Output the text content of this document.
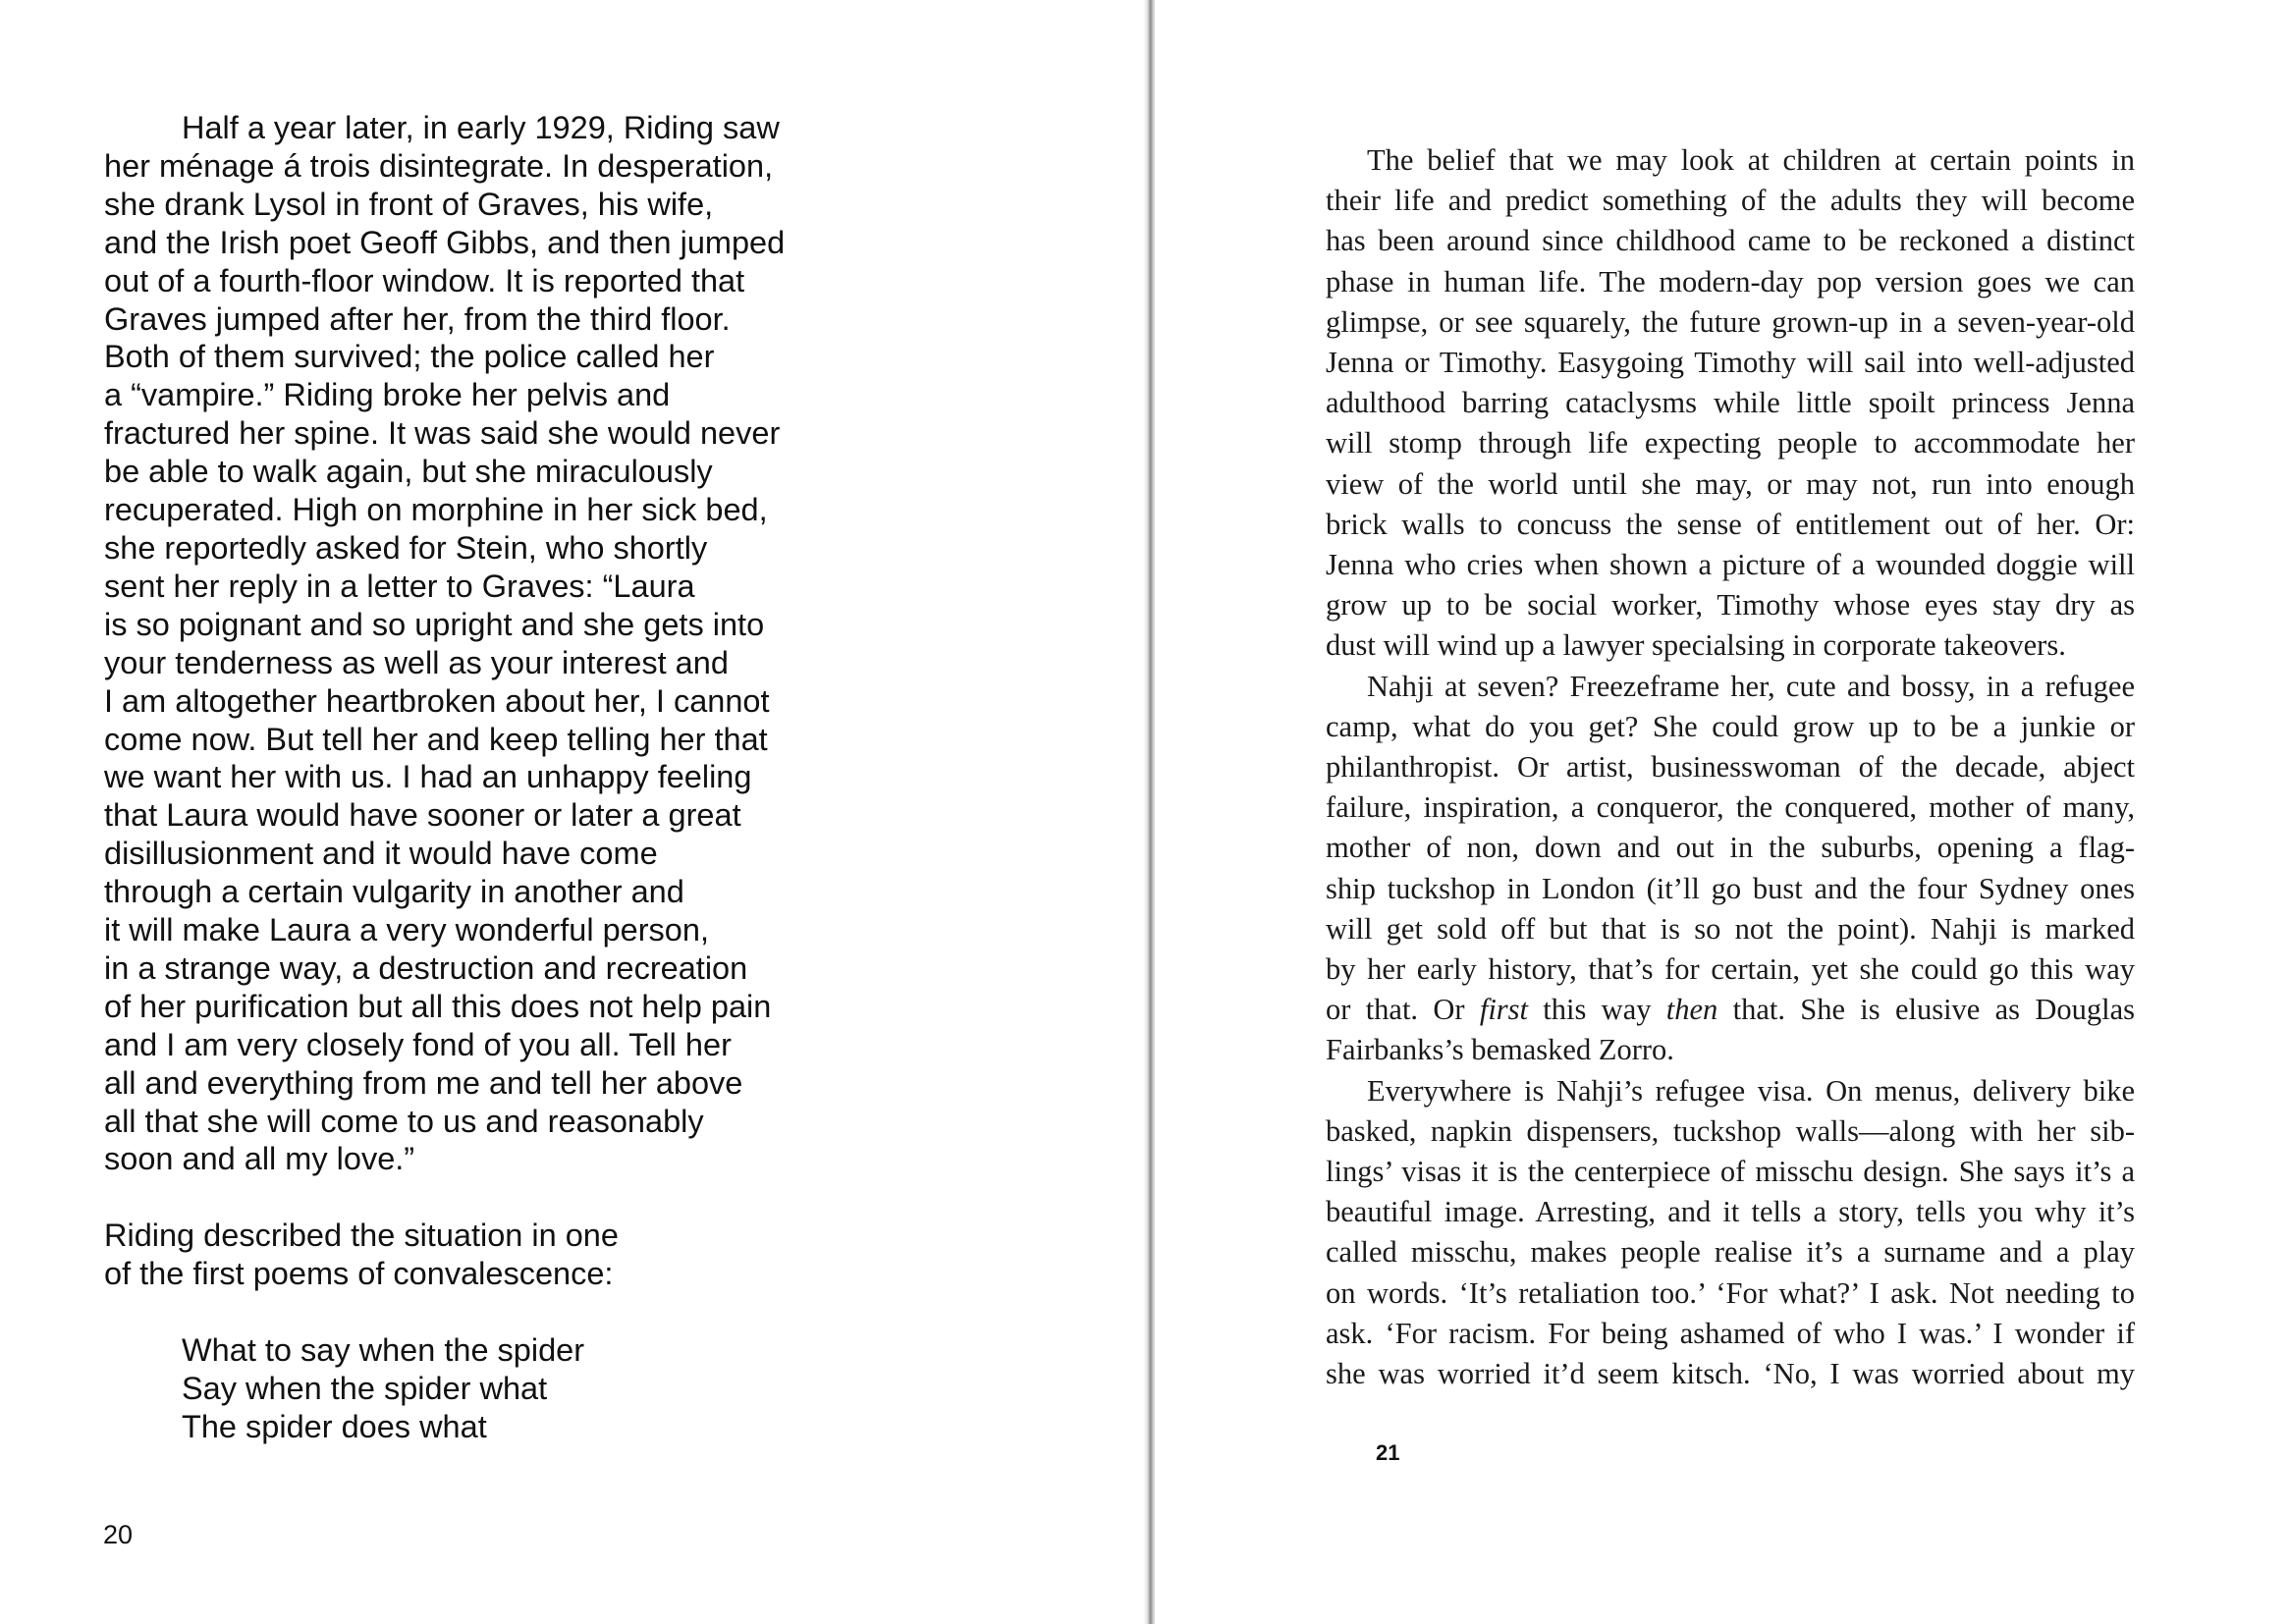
Half a year later, in early 1929, Riding saw
her ménage á trois disintegrate. In desperation,
she drank Lysol in front of Graves, his wife,
and the Irish poet Geoff Gibbs, and then jumped
out of a fourth-floor window. It is reported that
Graves jumped after her, from the third floor.
Both of them survived; the police called her
a “vampire.” Riding broke her pelvis and
fractured her spine. It was said she would never
be able to walk again, but she miraculously
recuperated. High on morphine in her sick bed,
she reportedly asked for Stein, who shortly
sent her reply in a letter to Graves: “Laura
is so poignant and so upright and she gets into
your tenderness as well as your interest and
I am altogether heartbroken about her, I cannot
come now. But tell her and keep telling her that
we want her with us. I had an unhappy feeling
that Laura would have sooner or later a great
disillusionment and it would have come
through a certain vulgarity in another and
it will make Laura a very wonderful person,
in a strange way, a destruction and recreation
of her purification but all this does not help pain
and I am very closely fond of you all. Tell her
all and everything from me and tell her above
all that she will come to us and reasonably
soon and all my love.”
Riding described the situation in one
of the first poems of convalescence:
What to say when the spider
Say when the spider what
The spider does what
20
The belief that we may look at children at certain points in
their life and predict something of the adults they will become
has been around since childhood came to be reckoned a distinct
phase in human life. The modern-day pop version goes we can
glimpse, or see squarely, the future grown-up in a seven-year-old
Jenna or Timothy. Easygoing Timothy will sail into well-adjusted
adulthood barring cataclysms while little spoilt princess Jenna
will stomp through life expecting people to accommodate her
view of the world until she may, or may not, run into enough
brick walls to concuss the sense of entitlement out of her. Or:
Jenna who cries when shown a picture of a wounded doggie will
grow up to be social worker, Timothy whose eyes stay dry as
dust will wind up a lawyer specialsing in corporate takeovers.
Nahji at seven? Freezeframe her, cute and bossy, in a refugee
camp, what do you get? She could grow up to be a junkie or
philanthropist. Or artist, businesswoman of the decade, abject
failure, inspiration, a conqueror, the conquered, mother of many,
mother of non, down and out in the suburbs, opening a flag-
ship tuckshop in London (it’ll go bust and the four Sydney ones
will get sold off but that is so not the point). Nahji is marked
by her early history, that’s for certain, yet she could go this way
or that. Or first this way then that. She is elusive as Douglas
Fairbanks’s bemasked Zorro.
Everywhere is Nahji’s refugee visa. On menus, delivery bike
basked, napkin dispensers, tuckshop walls—along with her sib-
lings’ visas it is the centerpiece of misschu design. She says it’s a
beautiful image. Arresting, and it tells a story, tells you why it’s
called misschu, makes people realise it’s a surname and a play
on words. ‘It’s retaliation too.’ ‘For what?’ I ask. Not needing to
ask. ‘For racism. For being ashamed of who I was.’ I wonder if
she was worried it’d seem kitsch. ‘No, I was worried about my
21
